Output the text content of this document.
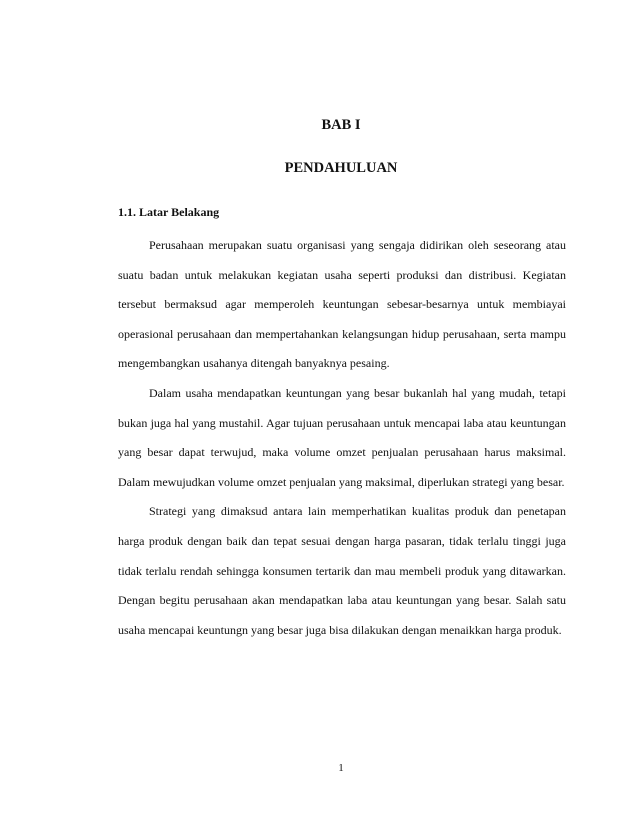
BAB I
PENDAHULUAN
1.1. Latar Belakang

Perusahaan merupakan suatu organisasi yang sengaja didirikan oleh seseorang atau suatu badan untuk melakukan kegiatan usaha seperti produksi dan distribusi. Kegiatan tersebut bermaksud agar memperoleh keuntungan sebesar-besarnya untuk membiayai operasional perusahaan dan mempertahankan kelangsungan hidup perusahaan, serta mampu mengembangkan usahanya ditengah banyaknya pesaing.

Dalam usaha mendapatkan keuntungan yang besar bukanlah hal yang mudah, tetapi bukan juga hal yang mustahil. Agar tujuan perusahaan untuk mencapai laba atau keuntungan yang besar dapat terwujud, maka volume omzet penjualan perusahaan harus maksimal. Dalam mewujudkan volume omzet penjualan yang maksimal, diperlukan strategi yang besar.

Strategi yang dimaksud antara lain memperhatikan kualitas produk dan penetapan harga produk dengan baik dan tepat sesuai dengan harga pasaran, tidak terlalu tinggi juga tidak terlalu rendah sehingga konsumen tertarik dan mau membeli produk yang ditawarkan. Dengan begitu perusahaan akan mendapatkan laba atau keuntungan yang besar. Salah satu usaha mencapai keuntungn yang besar juga bisa dilakukan dengan menaikkan harga produk.

1
